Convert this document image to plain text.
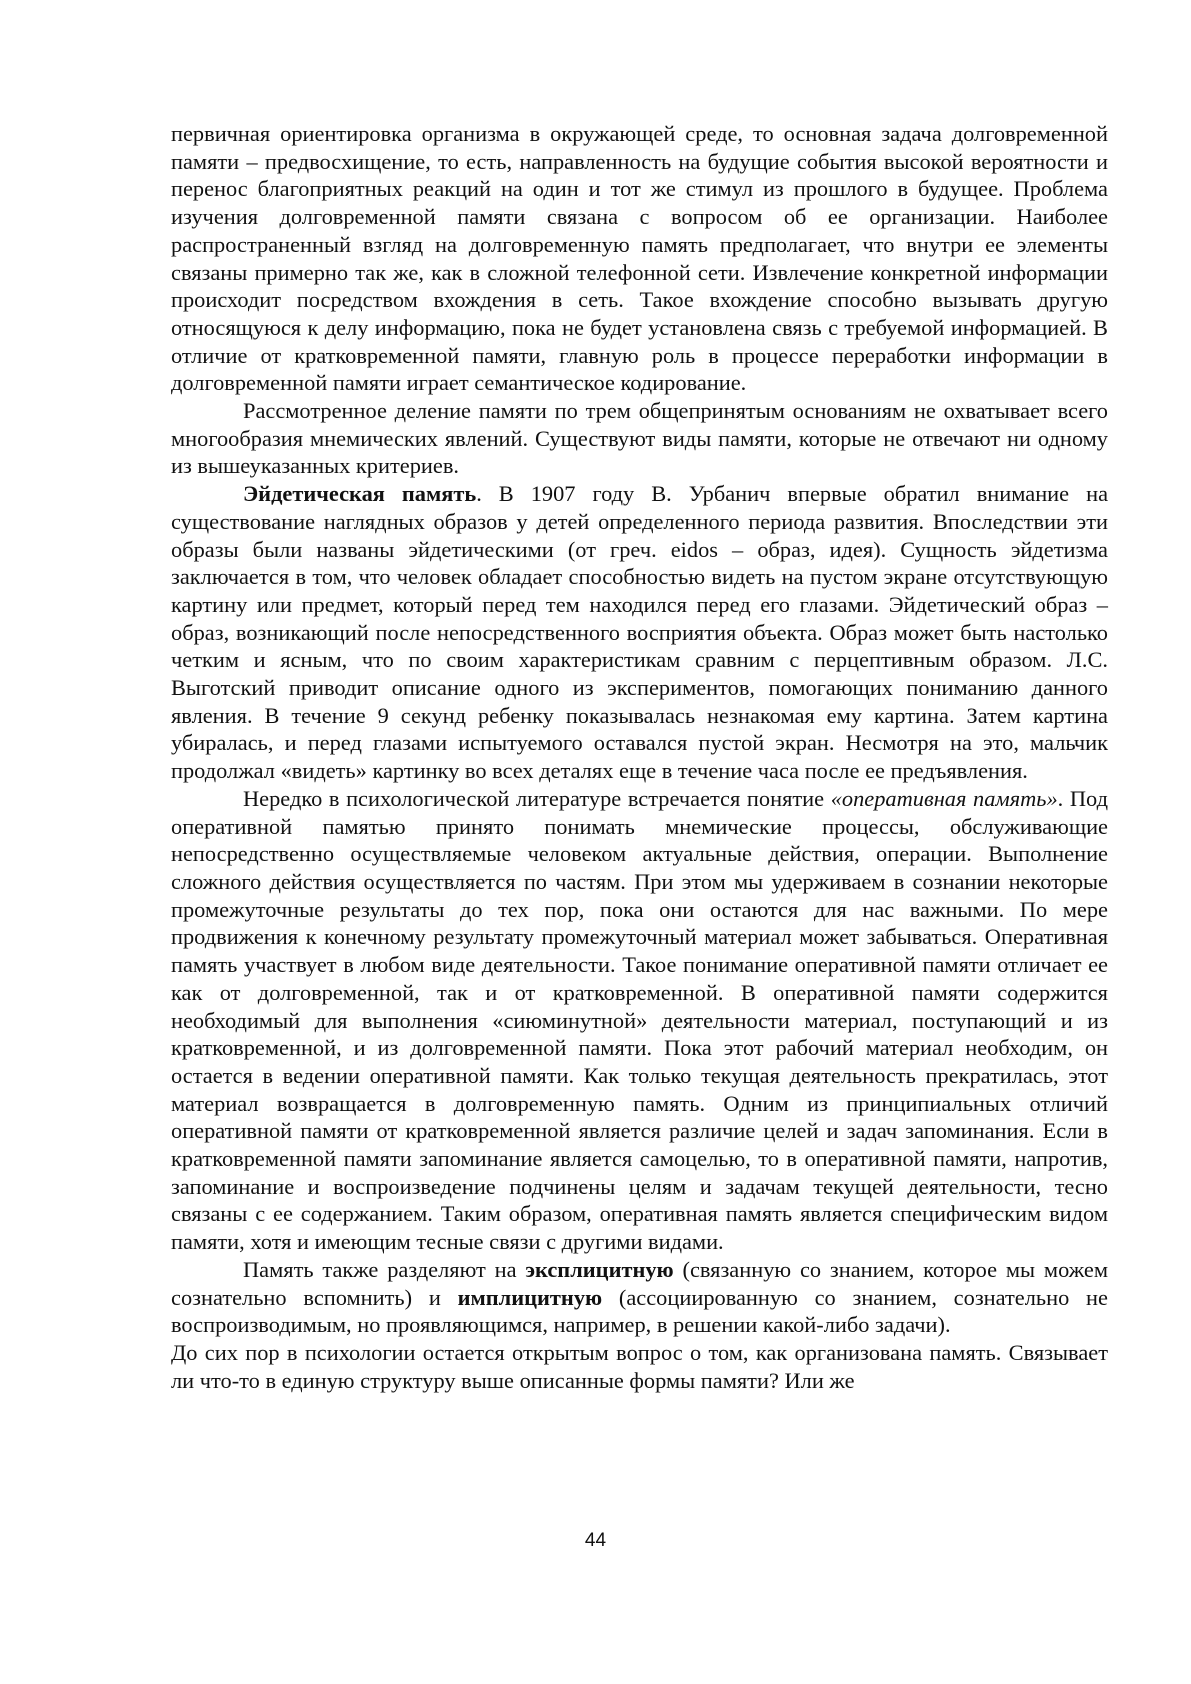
первичная ориентировка организма в окружающей среде, то основная задача долговременной памяти – предвосхищение, то есть, направленность на будущие события высокой вероятности и перенос благоприятных реакций на один и тот же стимул из прошлого в будущее. Проблема изучения долговременной памяти связана с вопросом об ее организации. Наиболее распространенный взгляд на долговременную память предполагает, что внутри ее элементы связаны примерно так же, как в сложной телефонной сети. Извлечение конкретной информации происходит посредством вхождения в сеть. Такое вхождение способно вызывать другую относящуюся к делу информацию, пока не будет установлена связь с требуемой информацией. В отличие от кратковременной памяти, главную роль в процессе переработки информации в долговременной памяти играет семантическое кодирование.

Рассмотренное деление памяти по трем общепринятым основаниям не охватывает всего многообразия мнемических явлений. Существуют виды памяти, которые не отвечают ни одному из вышеуказанных критериев.

Эйдетическая память. В 1907 году В. Урбанич впервые обратил внимание на существование наглядных образов у детей определенного периода развития. Впоследствии эти образы были названы эйдетическими (от греч. eidos – образ, идея). Сущность эйдетизма заключается в том, что человек обладает способностью видеть на пустом экране отсутствующую картину или предмет, который перед тем находился перед его глазами. Эйдетический образ – образ, возникающий после непосредственного восприятия объекта. Образ может быть настолько четким и ясным, что по своим характеристикам сравним с перцептивным образом. Л.С. Выготский приводит описание одного из экспериментов, помогающих пониманию данного явления. В течение 9 секунд ребенку показывалась незнакомая ему картина. Затем картина убиралась, и перед глазами испытуемого оставался пустой экран. Несмотря на это, мальчик продолжал «видеть» картинку во всех деталях еще в течение часа после ее предъявления.

Нередко в психологической литературе встречается понятие «оперативная память». Под оперативной памятью принято понимать мнемические процессы, обслуживающие непосредственно осуществляемые человеком актуальные действия, операции. Выполнение сложного действия осуществляется по частям. При этом мы удерживаем в сознании некоторые промежуточные результаты до тех пор, пока они остаются для нас важными. По мере продвижения к конечному результату промежуточный материал может забываться. Оперативная память участвует в любом виде деятельности. Такое понимание оперативной памяти отличает ее как от долговременной, так и от кратковременной. В оперативной памяти содержится необходимый для выполнения «сиюминутной» деятельности материал, поступающий и из кратковременной, и из долговременной памяти. Пока этот рабочий материал необходим, он остается в ведении оперативной памяти. Как только текущая деятельность прекратилась, этот материал возвращается в долговременную память. Одним из принципиальных отличий оперативной памяти от кратковременной является различие целей и задач запоминания. Если в кратковременной памяти запоминание является самоцелью, то в оперативной памяти, напротив, запоминание и воспроизведение подчинены целям и задачам текущей деятельности, тесно связаны с ее содержанием. Таким образом, оперативная память является специфическим видом памяти, хотя и имеющим тесные связи с другими видами.

Память также разделяют на эксплицитную (связанную со знанием, которое мы можем сознательно вспомнить) и имплицитную (ассоциированную со знанием, сознательно не воспроизводимым, но проявляющимся, например, в решении какой-либо задачи).

До сих пор в психологии остается открытым вопрос о том, как организована память. Связывает ли что-то в единую структуру выше описанные формы памяти? Или же

44
